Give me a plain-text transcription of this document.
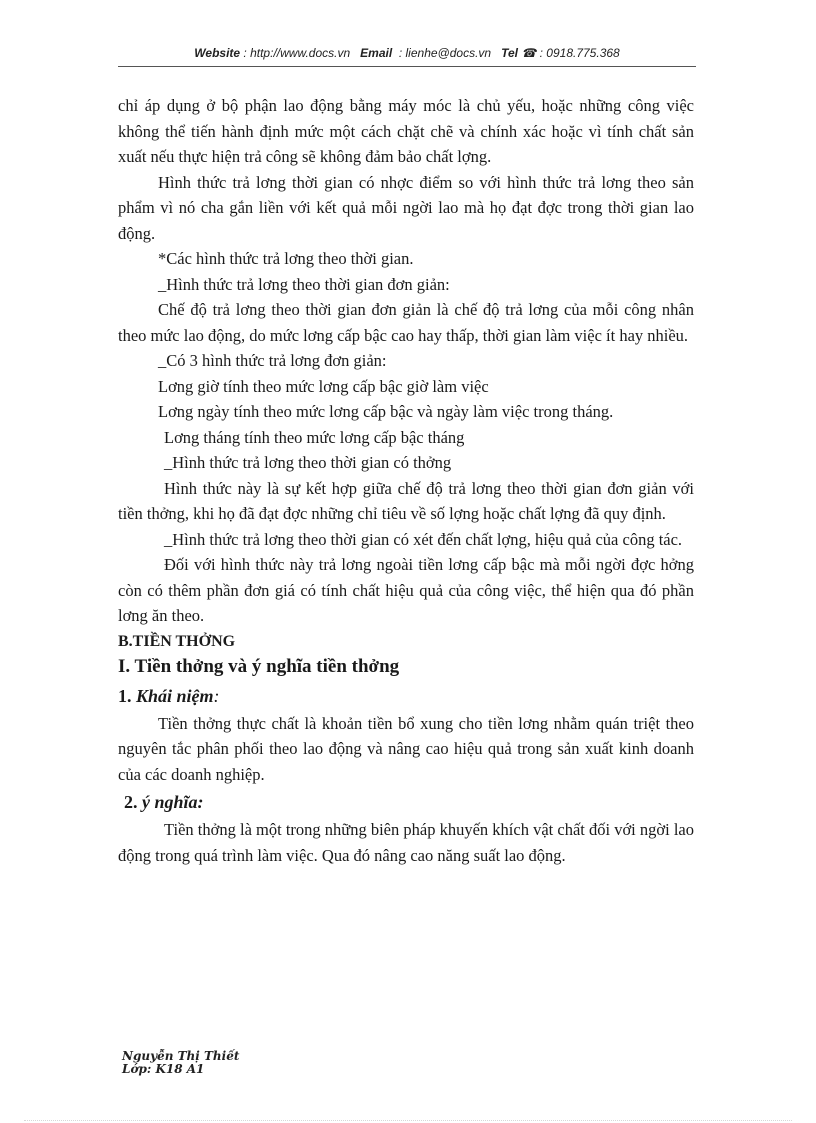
Website : http://www.docs.vn Email : lienhe@docs.vn Tel ☎ : 0918.775.368

chỉ áp dụng ở bộ phận lao động bằng máy móc là chủ yếu, hoặc những công việc không thể tiến hành định mức một cách chặt chẽ và chính xác hoặc vì tính chất sản xuất nếu thực hiện trả công sẽ không đảm bảo chất lợng.

Hình thức trả lơng thời gian có nhợc điểm so với hình thức trả lơng theo sản phẩm vì nó cha gắn liền với kết quả mỗi ngời lao mà họ đạt đợc trong thời gian lao động.

*Các hình thức trả lơng theo thời gian.

_Hình thức trả lơng theo thời gian đơn giản:

Chế độ trả lơng theo thời gian đơn giản là chế độ trả lơng của mỗi công nhân theo mức lao động, do mức lơng cấp bậc cao hay thấp, thời gian làm việc ít hay nhiều.

_Có 3 hình thức trả lơng đơn giản:

Lơng giờ tính theo mức lơng cấp bậc giờ làm việc

Lơng ngày tính theo mức lơng cấp bậc và ngày làm việc trong tháng.

Lơng tháng tính theo mức lơng cấp bậc tháng

_Hình thức trả lơng theo thời gian có thởng

Hình thức này là sự kết hợp giữa chế độ trả lơng theo thời gian đơn giản với tiền thởng, khi họ đã đạt đợc những chỉ tiêu về số lợng hoặc chất lợng đã quy định.

_Hình thức trả lơng theo thời gian có xét đến chất lợng, hiệu quả của công tác.

Đối với hình thức này trả lơng ngoài tiền lơng cấp bậc mà mỗi ngời đợc hởng còn có thêm phần đơn giá có tính chất hiệu quả của công việc, thể hiện qua đó phần lơng ăn theo.

B.TIỀN THỞNG

I. Tiền thởng và ý nghĩa tiền thởng

1. Khái niệm:

Tiền thởng thực chất là khoản tiền bổ xung cho tiền lơng nhằm quán triệt theo nguyên tắc phân phối theo lao động và nâng cao hiệu quả trong sản xuất kinh doanh của các doanh nghiệp.

2. ý nghĩa:

Tiền thởng là một trong những biên pháp khuyến khích vật chất đối với ngời lao động trong quá trình làm việc. Qua đó nâng cao năng suất lao động.

Nguyễn Thị Thiết
Lớp: K18 A1
